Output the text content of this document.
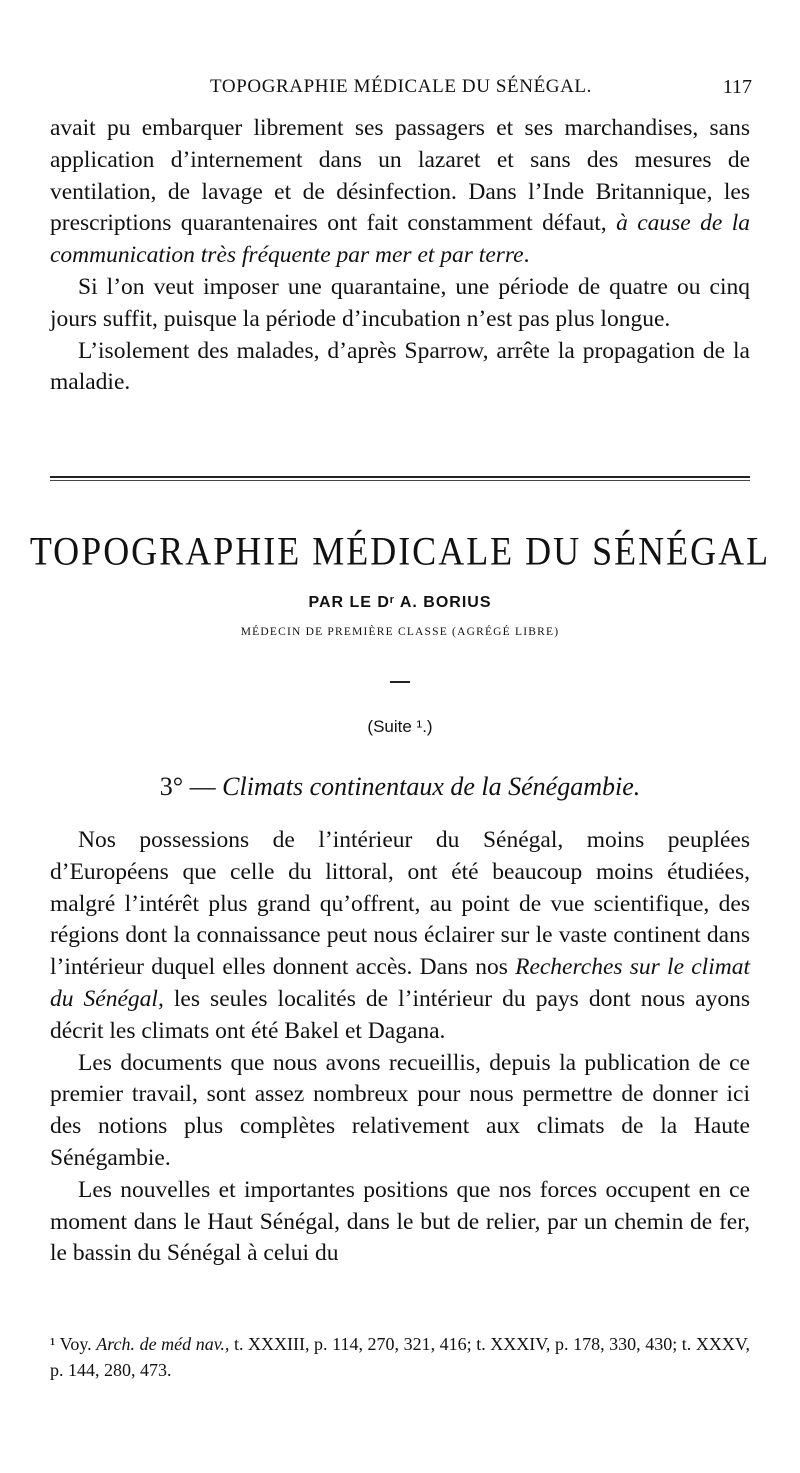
TOPOGRAPHIE MÉDICALE DU SÉNÉGAL.	117

avait pu embarquer librement ses passagers et ses marchandises, sans application d’internement dans un lazaret et sans des mesures de ventilation, de lavage et de désinfection. Dans l’Inde Britannique, les prescriptions quarantenaires ont fait constamment défaut, à cause de la communication très fréquente par mer et par terre.

Si l’on veut imposer une quarantaine, une période de quatre ou cinq jours suffit, puisque la période d’incubation n’est pas plus longue.

L’isolement des malades, d’après Sparrow, arrête la propagation de la maladie.

TOPOGRAPHIE MÉDICALE DU SÉNÉGAL
PAR LE Dʳ A. BORIUS
MÉDECIN DE PREMIÈRE CLASSE (AGRÉGÉ LIBRE)
(Suite ¹.)
3° — Climats continentaux de la Sénégambie.

Nos possessions de l’intérieur du Sénégal, moins peuplées d’Européens que celle du littoral, ont été beaucoup moins étudiées, malgré l’intérêt plus grand qu’offrent, au point de vue scientifique, des régions dont la connaissance peut nous éclairer sur le vaste continent dans l’intérieur duquel elles donnent accès. Dans nos Recherches sur le climat du Sénégal, les seules localités de l’intérieur du pays dont nous ayons décrit les climats ont été Bakel et Dagana.

Les documents que nous avons recueillis, depuis la publication de ce premier travail, sont assez nombreux pour nous permettre de donner ici des notions plus complètes relativement aux climats de la Haute Sénégambie.

Les nouvelles et importantes positions que nos forces occupent en ce moment dans le Haut Sénégal, dans le but de relier, par un chemin de fer, le bassin du Sénégal à celui du

¹ Voy. Arch. de méd nav., t. XXXIII, p. 114, 270, 321, 416; t. XXXIV, p. 178, 330, 430; t. XXXV, p. 144, 280, 473.
